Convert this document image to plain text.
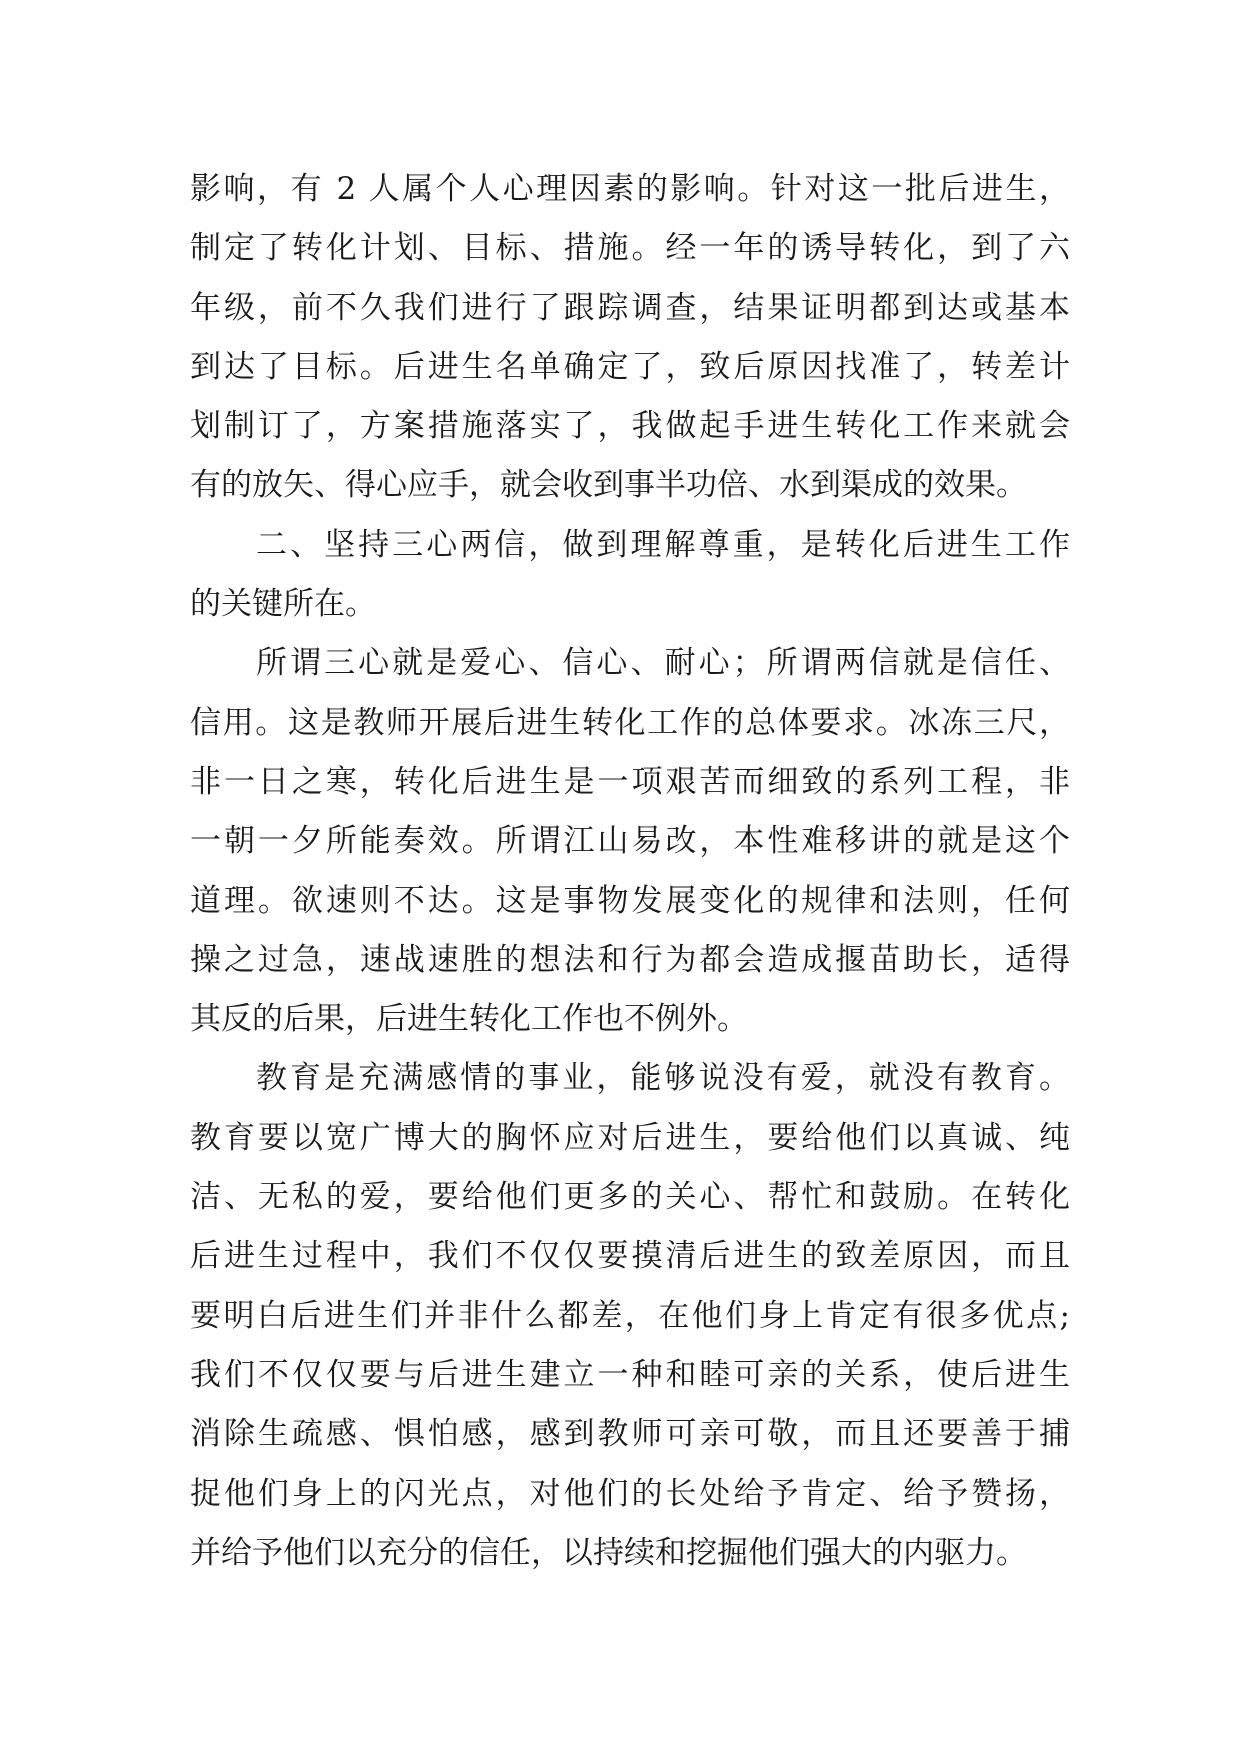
影响，有 2 人属个人心理因素的影响。针对这一批后进生，
制定了转化计划、目标、措施。经一年的诱导转化，到了六
年级，前不久我们进行了跟踪调查，结果证明都到达或基本
到达了目标。后进生名单确定了，致后原因找准了，转差计
划制订了，方案措施落实了，我做起手进生转化工作来就会
有的放矢、得心应手，就会收到事半功倍、水到渠成的效果。
二、坚持三心两信，做到理解尊重，是转化后进生工作
的关键所在。
所谓三心就是爱心、信心、耐心；所谓两信就是信任、
信用。这是教师开展后进生转化工作的总体要求。冰冻三尺，
非一日之寒，转化后进生是一项艰苦而细致的系列工程，非
一朝一夕所能奏效。所谓江山易改，本性难移讲的就是这个
道理。欲速则不达。这是事物发展变化的规律和法则，任何
操之过急，速战速胜的想法和行为都会造成揠苗助长，适得
其反的后果，后进生转化工作也不例外。
教育是充满感情的事业，能够说没有爱，就没有教育。
教育要以宽广博大的胸怀应对后进生，要给他们以真诚、纯
洁、无私的爱，要给他们更多的关心、帮忙和鼓励。在转化
后进生过程中，我们不仅仅要摸清后进生的致差原因，而且
要明白后进生们并非什么都差，在他们身上肯定有很多优点;
我们不仅仅要与后进生建立一种和睦可亲的关系，使后进生
消除生疏感、惧怕感，感到教师可亲可敬，而且还要善于捕
捉他们身上的闪光点，对他们的长处给予肯定、给予赞扬，
并给予他们以充分的信任，以持续和挖掘他们强大的内驱力。
